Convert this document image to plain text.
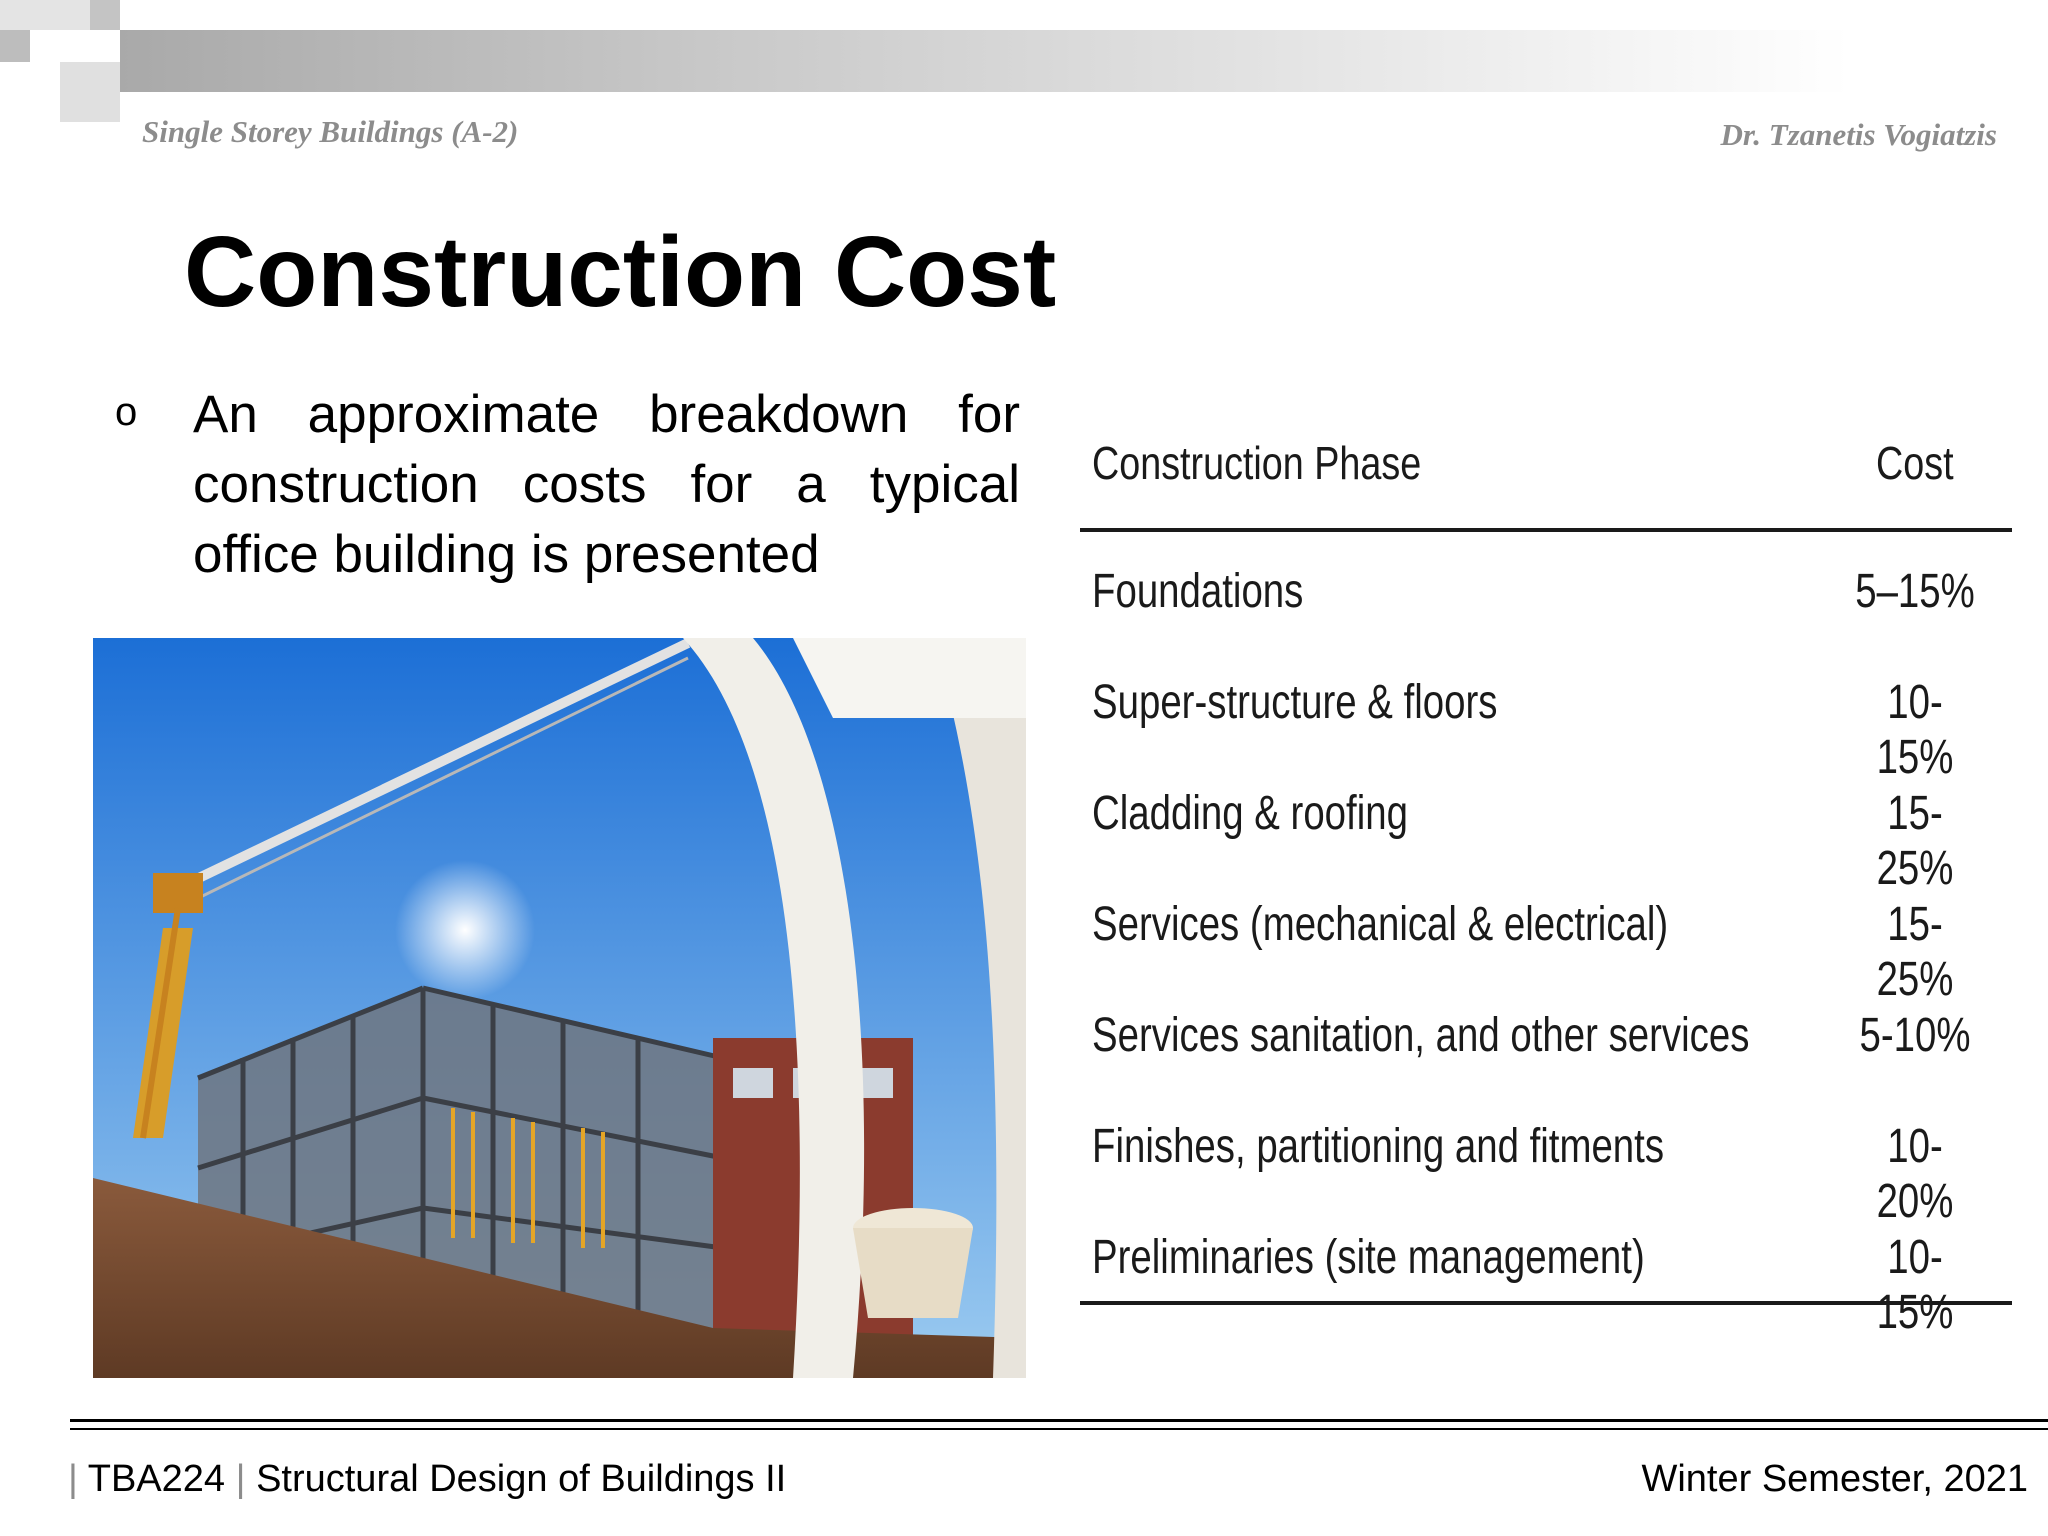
Single Storey Buildings (A-2)	Dr. Tzanetis Vogiatzis
Construction Cost
o An approximate breakdown for construction costs for a typical office building is presented
Construction Phase	Cost
Foundations	5–15%
Super-structure & floors	10-15%
Cladding & roofing	15-25%
Services (mechanical & electrical)	15-25%
Services sanitation, and other services 5-10%
Finishes, partitioning and fitments	10-20%
Preliminaries (site management)	10-15%
| TBA224 | Structural Design of Buildings II	Winter Semester, 2021
